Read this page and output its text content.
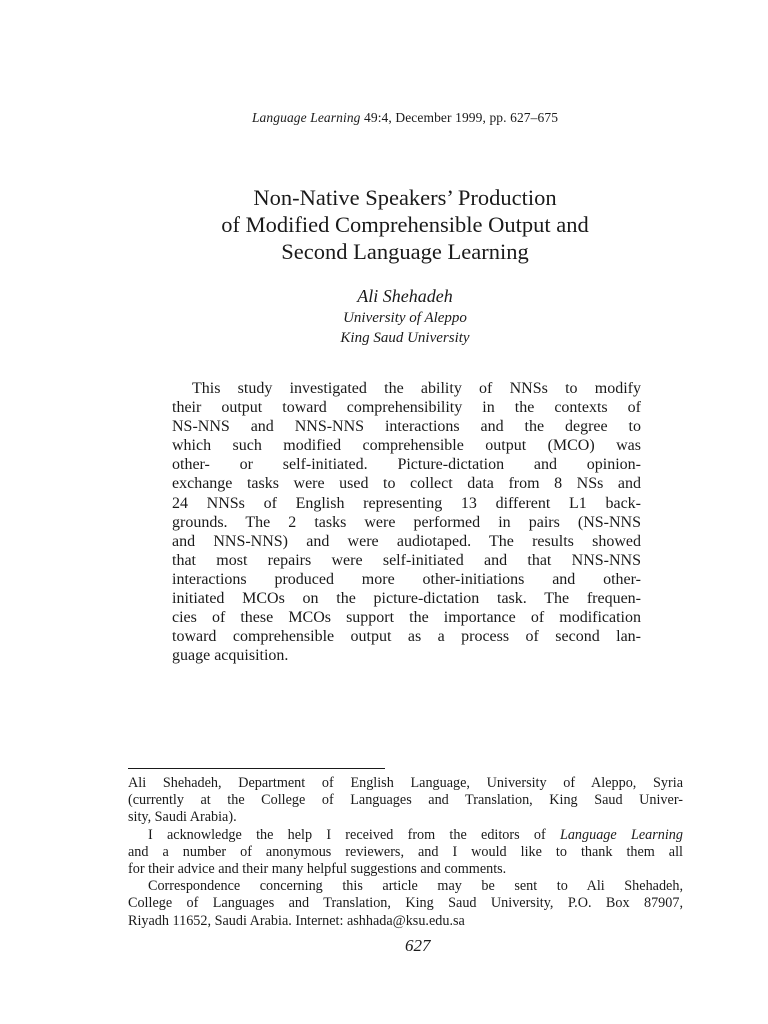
Language Learning 49:4, December 1999, pp. 627–675
Non-Native Speakers’ Production
of Modified Comprehensible Output and
Second Language Learning
Ali Shehadeh
University of Aleppo
King Saud University
This study investigated the ability of NNSs to modify
their output toward comprehensibility in the contexts of
NS-NNS and NNS-NNS interactions and the degree to
which such modified comprehensible output (MCO) was
other- or self-initiated. Picture-dictation and opinion-
exchange tasks were used to collect data from 8 NSs and
24 NNSs of English representing 13 different L1 back-
grounds. The 2 tasks were performed in pairs (NS-NNS
and NNS-NNS) and were audiotaped. The results showed
that most repairs were self-initiated and that NNS-NNS
interactions produced more other-initiations and other-
initiated MCOs on the picture-dictation task. The frequen-
cies of these MCOs support the importance of modification
toward comprehensible output as a process of second lan-
guage acquisition.
Ali Shehadeh, Department of English Language, University of Aleppo, Syria
(currently at the College of Languages and Translation, King Saud Univer-
sity, Saudi Arabia).
I acknowledge the help I received from the editors of Language Learning
and a number of anonymous reviewers, and I would like to thank them all
for their advice and their many helpful suggestions and comments.
Correspondence concerning this article may be sent to Ali Shehadeh,
College of Languages and Translation, King Saud University, P.O. Box 87907,
Riyadh 11652, Saudi Arabia. Internet: ashhada@ksu.edu.sa
627
